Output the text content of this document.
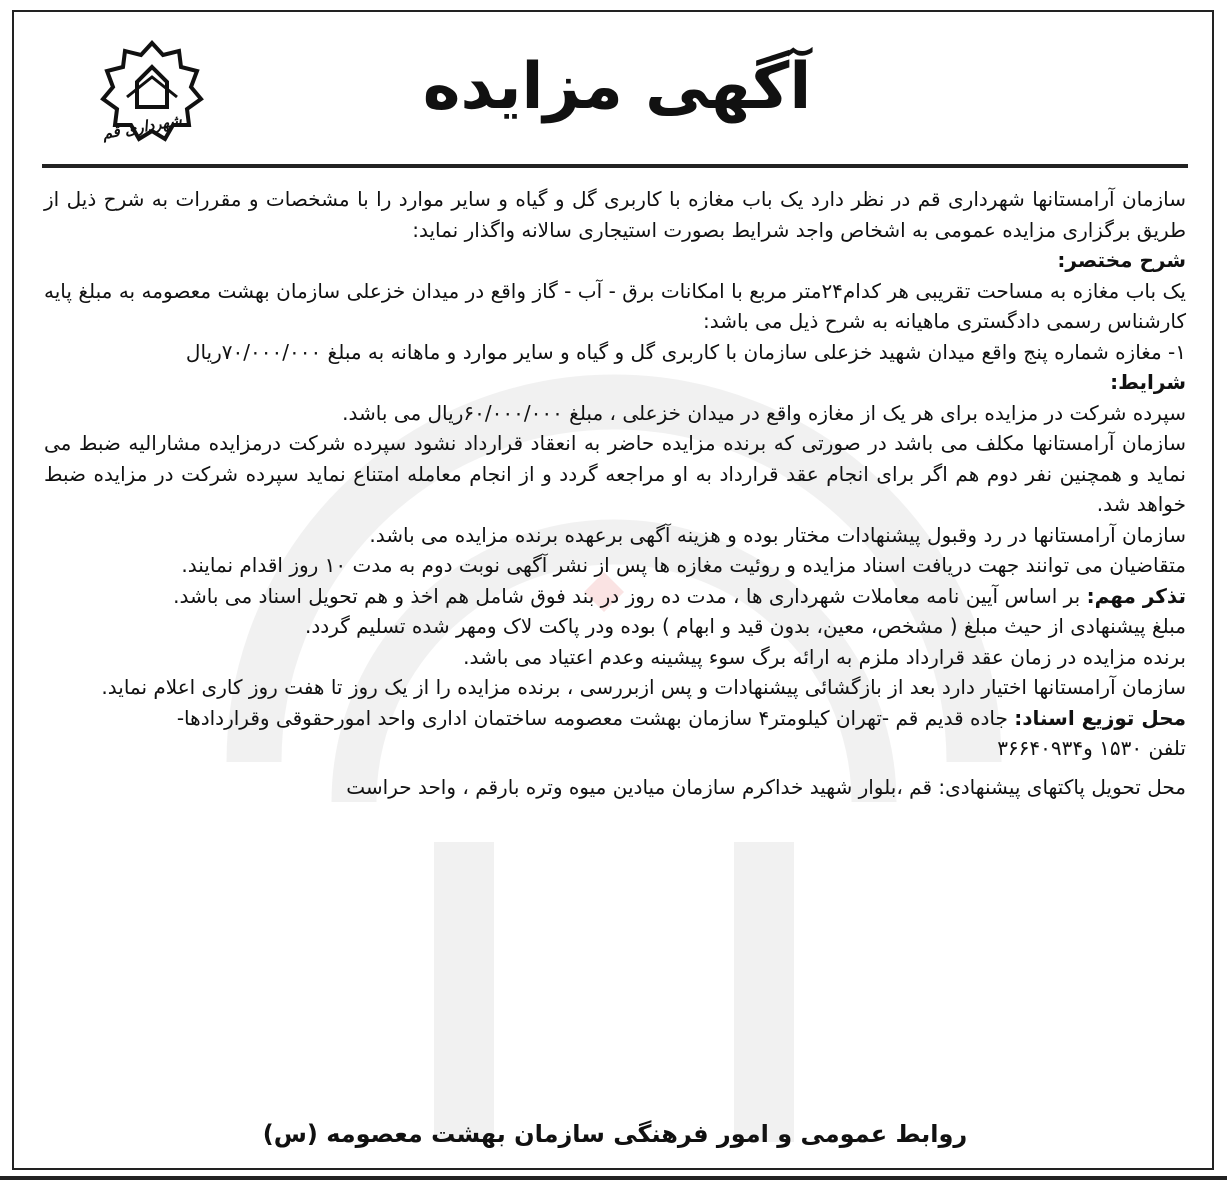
آگهی مزایده
شهرداری قم

سازمان آرامستانها شهرداری قم در نظر دارد یک باب مغازه با کاربری گل و گیاه و سایر موارد را با مشخصات و مقررات به شرح ذیل از طریق برگزاری مزایده عمومی به اشخاص واجد شرایط بصورت استیجاری سالانه واگذار نماید:

شرح مختصر:

یک باب مغازه به مساحت تقریبی هر کدام۲۴متر مربع با امکانات برق - آب - گاز واقع در میدان خزعلی سازمان بهشت معصومه به مبلغ پایه کارشناس رسمی دادگستری ماهیانه به شرح ذیل می باشد:

۱- مغازه شماره پنج واقع میدان شهید خزعلی سازمان با کاربری گل و گیاه و سایر موارد و ماهانه به مبلغ ۷۰/۰۰۰/۰۰۰ریال

شرایط:

سپرده شرکت در مزایده برای هر یک از مغازه واقع در میدان خزعلی ، مبلغ ۶۰/۰۰۰/۰۰۰ریال می باشد.

سازمان آرامستانها مکلف می باشد در صورتی که برنده مزایده حاضر به انعقاد قرارداد نشود سپرده شرکت درمزایده مشارالیه ضبط می نماید و همچنین نفر دوم هم اگر برای انجام عقد قرارداد به او مراجعه گردد و از انجام معامله امتناع نماید سپرده شرکت در مزایده ضبط خواهد شد.

سازمان آرامستانها در رد وقبول پیشنهادات مختار بوده و هزینه آگهی برعهده برنده مزایده می باشد.

متقاضیان می توانند جهت دریافت اسناد مزایده و روئیت مغازه ها پس از نشر آگهی نوبت دوم به مدت ۱۰ روز اقدام نمایند.

تذکر مهم: بر اساس آیین نامه معاملات شهرداری ها ، مدت ده روز در بند فوق شامل هم اخذ و هم تحویل اسناد می باشد.

مبلغ پیشنهادی از حیث مبلغ ( مشخص، معین، بدون قید و ابهام ) بوده ودر پاکت لاک ومهر شده تسلیم گردد.

برنده مزایده در زمان عقد قرارداد ملزم به ارائه برگ سوء پیشینه وعدم اعتیاد می باشد.

سازمان آرامستانها اختیار دارد بعد از بازگشائی پیشنهادات و پس ازبررسی ، برنده مزایده را از یک روز تا هفت روز کاری اعلام نماید.

محل توزیع اسناد: جاده قدیم قم -تهران کیلومتر۴ سازمان بهشت معصومه ساختمان اداری واحد امورحقوقی وقراردادها-

تلفن ۱۵۳۰ و۳۶۶۴۰۹۳۴

محل تحویل پاکتهای پیشنهادی: قم ،بلوار شهید خداکرم سازمان میادین میوه وتره بارقم ، واحد حراست

روابط عمومی و امور فرهنگی سازمان بهشت معصومه (س)
